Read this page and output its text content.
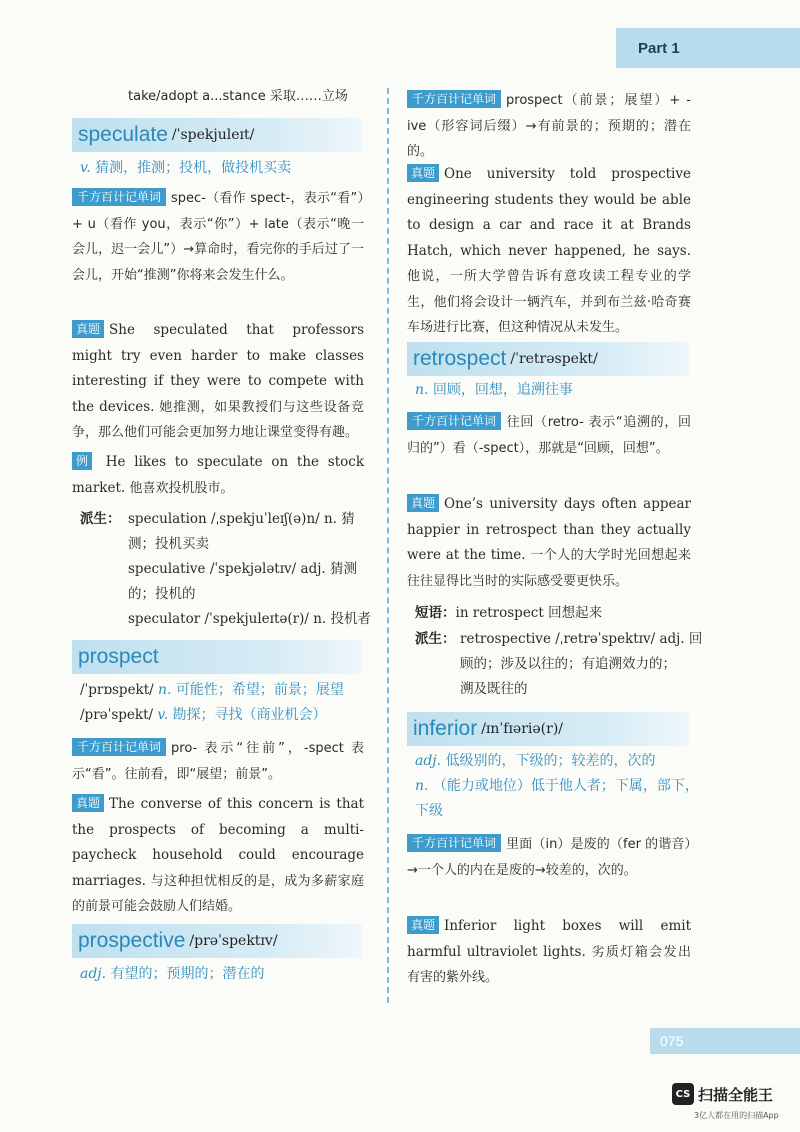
Part 1
take/adopt a...stance 采取……立场
speculate /ˈspekjuleɪt/
v. 猜测，推测；投机，做投机买卖
千方百计记单词 spec-（看作 spect-，表示“看”）+ u（看作 you，表示“你”）+ late（表示“晚一会儿，迟一会儿”）→算命时，看完你的手后过了一会儿，开始“推测”你将来会发生什么。
真题 She speculated that professors might try even harder to make classes interesting if they were to compete with the devices. 她推测，如果教授们与这些设备竞争，那么他们可能会更加努力地让课堂变得有趣。
例 He likes to speculate on the stock market. 他喜欢投机股市。
派生： speculation /ˌspekjuˈleɪʃ(ə)n/ n. 猜
测；投机买卖
speculative /ˈspekjələtɪv/ adj. 猜测
的；投机的
speculator /ˈspekjuleɪtə(r)/ n. 投机者
prospect
/ˈprɒspekt/ n. 可能性；希望；前景；展望
/prəˈspekt/ v. 勘探；寻找（商业机会）
千方百计记单词 pro- 表示“往前”，-spect 表示“看”。往前看，即“展望；前景”。
真题 The converse of this concern is that the prospects of becoming a multi-paycheck household could encourage marriages. 与这种担忧相反的是，成为多薪家庭的前景可能会鼓励人们结婚。
prospective /prəˈspektɪv/
adj. 有望的；预期的；潜在的
千方百计记单词 prospect（前景；展望）+ -ive（形容词后缀）→有前景的；预期的；潜在的。
真题 One university told prospective engineering students they would be able to design a car and race it at Brands Hatch, which never happened, he says. 他说，一所大学曾告诉有意攻读工程专业的学生，他们将会设计一辆汽车，并到布兰兹·哈奇赛车场进行比赛，但这种情况从未发生。
retrospect /ˈretrəspekt/
n. 回顾，回想，追溯往事
千方百计记单词 往回（retro- 表示“追溯的，回归的”）看（-spect），那就是“回顾，回想”。
真题 One’s university days often appear happier in retrospect than they actually were at the time. 一个人的大学时光回想起来往往显得比当时的实际感受要更快乐。
短语：in retrospect 回想起来
派生： retrospective /ˌretrəˈspektɪv/ adj. 回
顾的；涉及以往的；有追溯效力的；
溯及既往的
inferior /ɪnˈfɪəriə(r)/
adj. 低级别的，下级的；较差的，次的
n. （能力或地位）低于他人者；下属，部下，
下级
千方百计记单词 里面（in）是废的（fer 的谐音）→一个人的内在是废的→较差的，次的。
真题 Inferior light boxes will emit harmful ultraviolet lights. 劣质灯箱会发出有害的紫外线。
075
CS 扫描全能王
3亿人都在用的扫描App
